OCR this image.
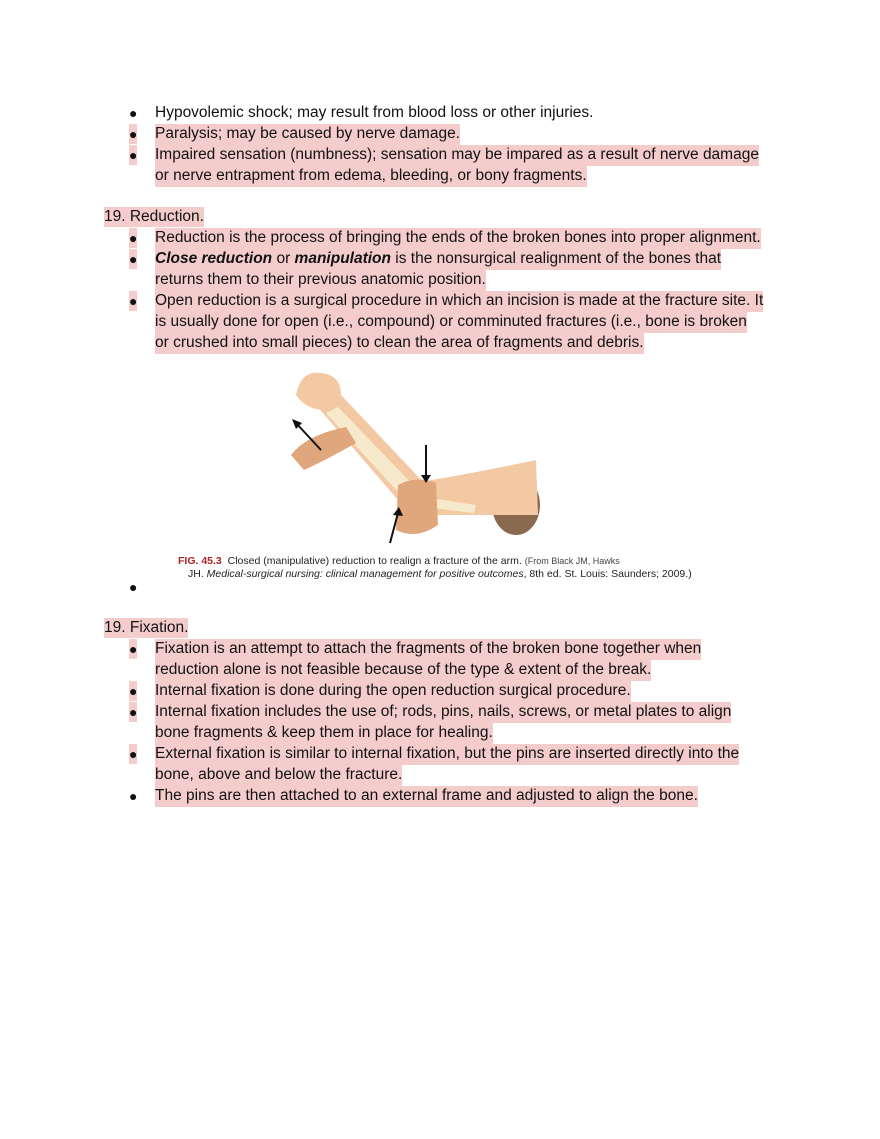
● Hypovolemic shock; may result from blood loss or other injuries.
● Paralysis; may be caused by nerve damage.
● Impaired sensation (numbness); sensation may be impared as a result of nerve damage
or nerve entrapment from edema, bleeding, or bony fragments.
19. Reduction.
● Reduction is the process of bringing the ends of the broken bones into proper alignment.
● Close reduction or manipulation is the nonsurgical realignment of the bones that
returns them to their previous anatomic position.
● Open reduction is a surgical procedure in which an incision is made at the fracture site. It
is usually done for open (i.e., compound) or comminuted fractures (i.e., bone is broken
or crushed into small pieces) to clean the area of fragments and debris.
FIG. 45.3 Closed (manipulative) reduction to realign a fracture of the arm. (From Black JM, Hawks
JH. Medical-surgical nursing: clinical management for positive outcomes, 8th ed. St. Louis: Saunders; 2009.)
●
19. Fixation.
● Fixation is an attempt to attach the fragments of the broken bone together when
reduction alone is not feasible because of the type & extent of the break.
● Internal fixation is done during the open reduction surgical procedure.
● Internal fixation includes the use of; rods, pins, nails, screws, or metal plates to align
bone fragments & keep them in place for healing.
● External fixation is similar to internal fixation, but the pins are inserted directly into the
bone, above and below the fracture.
● The pins are then attached to an external frame and adjusted to align the bone.
